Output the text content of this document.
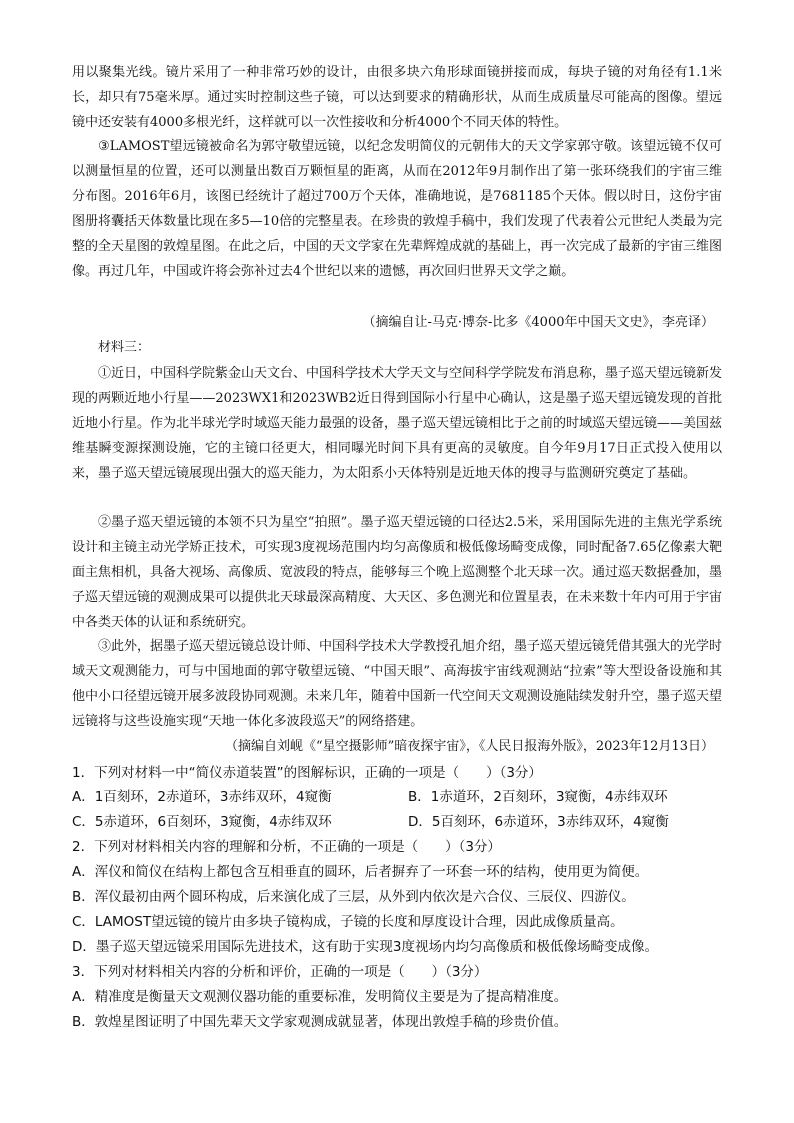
用以聚集光线。镜片采用了一种非常巧妙的设计，由很多块六角形球面镜拼接而成，每块子镜的对角径有1.1米长，却只有75毫米厚。通过实时控制这些子镜，可以达到要求的精确形状，从而生成质量尽可能高的图像。望远镜中还安装有4000多根光纤，这样就可以一次性接收和分析4000个不同天体的特性。

③LAMOST望远镜被命名为郭守敬望远镜，以纪念发明简仪的元朝伟大的天文学家郭守敬。该望远镜不仅可以测量恒星的位置，还可以测量出数百万颗恒星的距离，从而在2012年9月制作出了第一张环绕我们的宇宙三维分布图。2016年6月，该图已经统计了超过700万个天体，准确地说，是7681185个天体。假以时日，这份宇宙图册将囊括天体数量比现在多5—10倍的完整星表。在珍贵的敦煌手稿中，我们发现了代表着公元世纪人类最为完整的全天星图的敦煌星图。在此之后，中国的天文学家在先辈辉煌成就的基础上，再一次完成了最新的宇宙三维图像。再过几年，中国或许将会弥补过去4个世纪以来的遗憾，再次回归世界天文学之巅。

（摘编自让-马克·博奈-比多《4000年中国天文史》，李亮译）

材料三：

①近日，中国科学院紫金山天文台、中国科学技术大学天文与空间科学学院发布消息称，墨子巡天望远镜新发现的两颗近地小行星——2023WX1和2023WB2近日得到国际小行星中心确认，这是墨子巡天望远镜发现的首批近地小行星。作为北半球光学时域巡天能力最强的设备，墨子巡天望远镜相比于之前的时域巡天望远镜——美国兹维基瞬变源探测设施，它的主镜口径更大，相同曝光时间下具有更高的灵敏度。自今年9月17日正式投入使用以来，墨子巡天望远镜展现出强大的巡天能力，为太阳系小天体特别是近地天体的搜寻与监测研究奠定了基础。

②墨子巡天望远镜的本领不只为星空“拍照”。墨子巡天望远镜的口径达2.5米，采用国际先进的主焦光学系统设计和主镜主动光学矫正技术，可实现3度视场范围内均匀高像质和极低像场畸变成像，同时配备7.65亿像素大靶面主焦相机，具备大视场、高像质、宽波段的特点，能够每三个晚上巡测整个北天球一次。通过巡天数据叠加，墨子巡天望远镜的观测成果可以提供北天球最深高精度、大天区、多色测光和位置星表，在未来数十年内可用于宇宙中各类天体的认证和系统研究。

③此外，据墨子巡天望远镜总设计师、中国科学技术大学教授孔旭介绍，墨子巡天望远镜凭借其强大的光学时域天文观测能力，可与中国地面的郭守敬望远镜、“中国天眼”、高海拔宇宙线观测站“拉索”等大型设备设施和其他中小口径望远镜开展多波段协同观测。未来几年，随着中国新一代空间天文观测设施陆续发射升空，墨子巡天望远镜将与这些设施实现“天地一体化多波段巡天”的网络搭建。

（摘编自刘岘《“星空摄影师”暗夜探宇宙》，《人民日报海外版》，2023年12月13日）

1．下列对材料一中“简仪赤道装置”的图解标识，正确的一项是（　　）（3分）

A．1百刻环，2赤道环，3赤纬双环，4窥衡	B．1赤道环，2百刻环，3窥衡，4赤纬双环
C．5赤道环，6百刻环，3窥衡，4赤纬双环	D．5百刻环，6赤道环，3赤纬双环，4窥衡

2．下列对材料相关内容的理解和分析，不正确的一项是（　　）（3分）

A．浑仪和简仪在结构上都包含互相垂直的圆环，后者摒弃了一环套一环的结构，使用更为简便。

B．浑仪最初由两个圆环构成，后来演化成了三层，从外到内依次是六合仪、三辰仪、四游仪。

C．LAMOST望远镜的镜片由多块子镜构成，子镜的长度和厚度设计合理，因此成像质量高。

D．墨子巡天望远镜采用国际先进技术，这有助于实现3度视场内均匀高像质和极低像场畸变成像。

3．下列对材料相关内容的分析和评价，正确的一项是（　　）（3分）

A．精准度是衡量天文观测仪器功能的重要标准，发明简仪主要是为了提高精准度。

B．敦煌星图证明了中国先辈天文学家观测成就显著，体现出敦煌手稿的珍贵价值。
